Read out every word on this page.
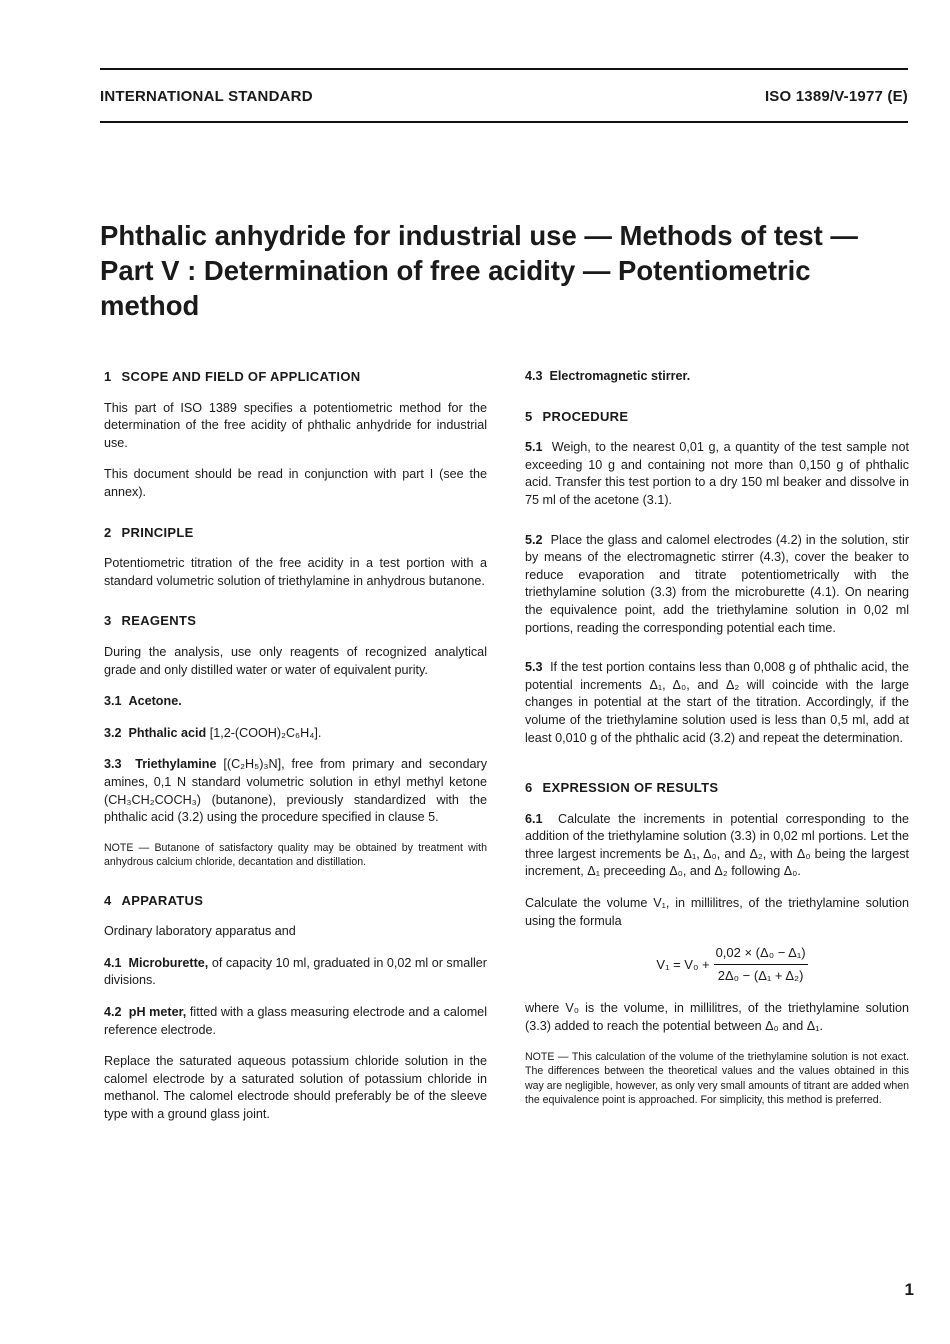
INTERNATIONAL STANDARD	ISO 1389/V-1977 (E)
Phthalic anhydride for industrial use — Methods of test —
Part V : Determination of free acidity — Potentiometric
method
1 SCOPE AND FIELD OF APPLICATION

This part of ISO 1389 specifies a potentiometric method for the determination of the free acidity of phthalic anhydride for industrial use.

This document should be read in conjunction with part I (see the annex).

2 PRINCIPLE

Potentiometric titration of the free acidity in a test portion with a standard volumetric solution of triethylamine in anhydrous butanone.

3 REAGENTS

During the analysis, use only reagents of recognized analytical grade and only distilled water or water of equivalent purity.

3.1 Acetone.

3.2 Phthalic acid [1,2-(COOH)₂C₆H₄].

3.3 Triethylamine [(C₂H₅)₃N], free from primary and secondary amines, 0,1 N standard volumetric solution in ethyl methyl ketone (CH₃CH₂COCH₃) (butanone), previously standardized with the phthalic acid (3.2) using the procedure specified in clause 5.

NOTE — Butanone of satisfactory quality may be obtained by treatment with anhydrous calcium chloride, decantation and distillation.

4 APPARATUS

Ordinary laboratory apparatus and

4.1 Microburette, of capacity 10 ml, graduated in 0,02 ml or smaller divisions.

4.2 pH meter, fitted with a glass measuring electrode and a calomel reference electrode.

Replace the saturated aqueous potassium chloride solution in the calomel electrode by a saturated solution of potassium chloride in methanol. The calomel electrode should preferably be of the sleeve type with a ground glass joint.

4.3 Electromagnetic stirrer.

5 PROCEDURE

5.1 Weigh, to the nearest 0,01 g, a quantity of the test sample not exceeding 10 g and containing not more than 0,150 g of phthalic acid. Transfer this test portion to a dry 150 ml beaker and dissolve in 75 ml of the acetone (3.1).

5.2 Place the glass and calomel electrodes (4.2) in the solution, stir by means of the electromagnetic stirrer (4.3), cover the beaker to reduce evaporation and titrate potentiometrically with the triethylamine solution (3.3) from the microburette (4.1). On nearing the equivalence point, add the triethylamine solution in 0,02 ml portions, reading the corresponding potential each time.

5.3 If the test portion contains less than 0,008 g of phthalic acid, the potential increments Δ₁, Δ₀, and Δ₂ will coincide with the large changes in potential at the start of the titration. Accordingly, if the volume of the triethylamine solution used is less than 0,5 ml, add at least 0,010 g of the phthalic acid (3.2) and repeat the determination.

6 EXPRESSION OF RESULTS

6.1 Calculate the increments in potential corresponding to the addition of the triethylamine solution (3.3) in 0,02 ml portions. Let the three largest increments be Δ₁, Δ₀, and Δ₂, with Δ₀ being the largest increment, Δ₁ preceeding Δ₀, and Δ₂ following Δ₀.

Calculate the volume V₁, in millilitres, of the triethylamine solution using the formula

$V_1 = V_0 + \frac{\text{0,02 × (Δ₀ − Δ₁)}}{\text{2Δ₀ − (Δ₁ + Δ₂)}}$

where V₀ is the volume, in millilitres, of the triethylamine solution (3.3) added to reach the potential between Δ₀ and Δ₁.

NOTE — This calculation of the volume of the triethylamine solution is not exact. The differences between the theoretical values and the values obtained in this way are negligible, however, as only very small amounts of titrant are added when the equivalence point is approached. For simplicity, this method is preferred.

1
